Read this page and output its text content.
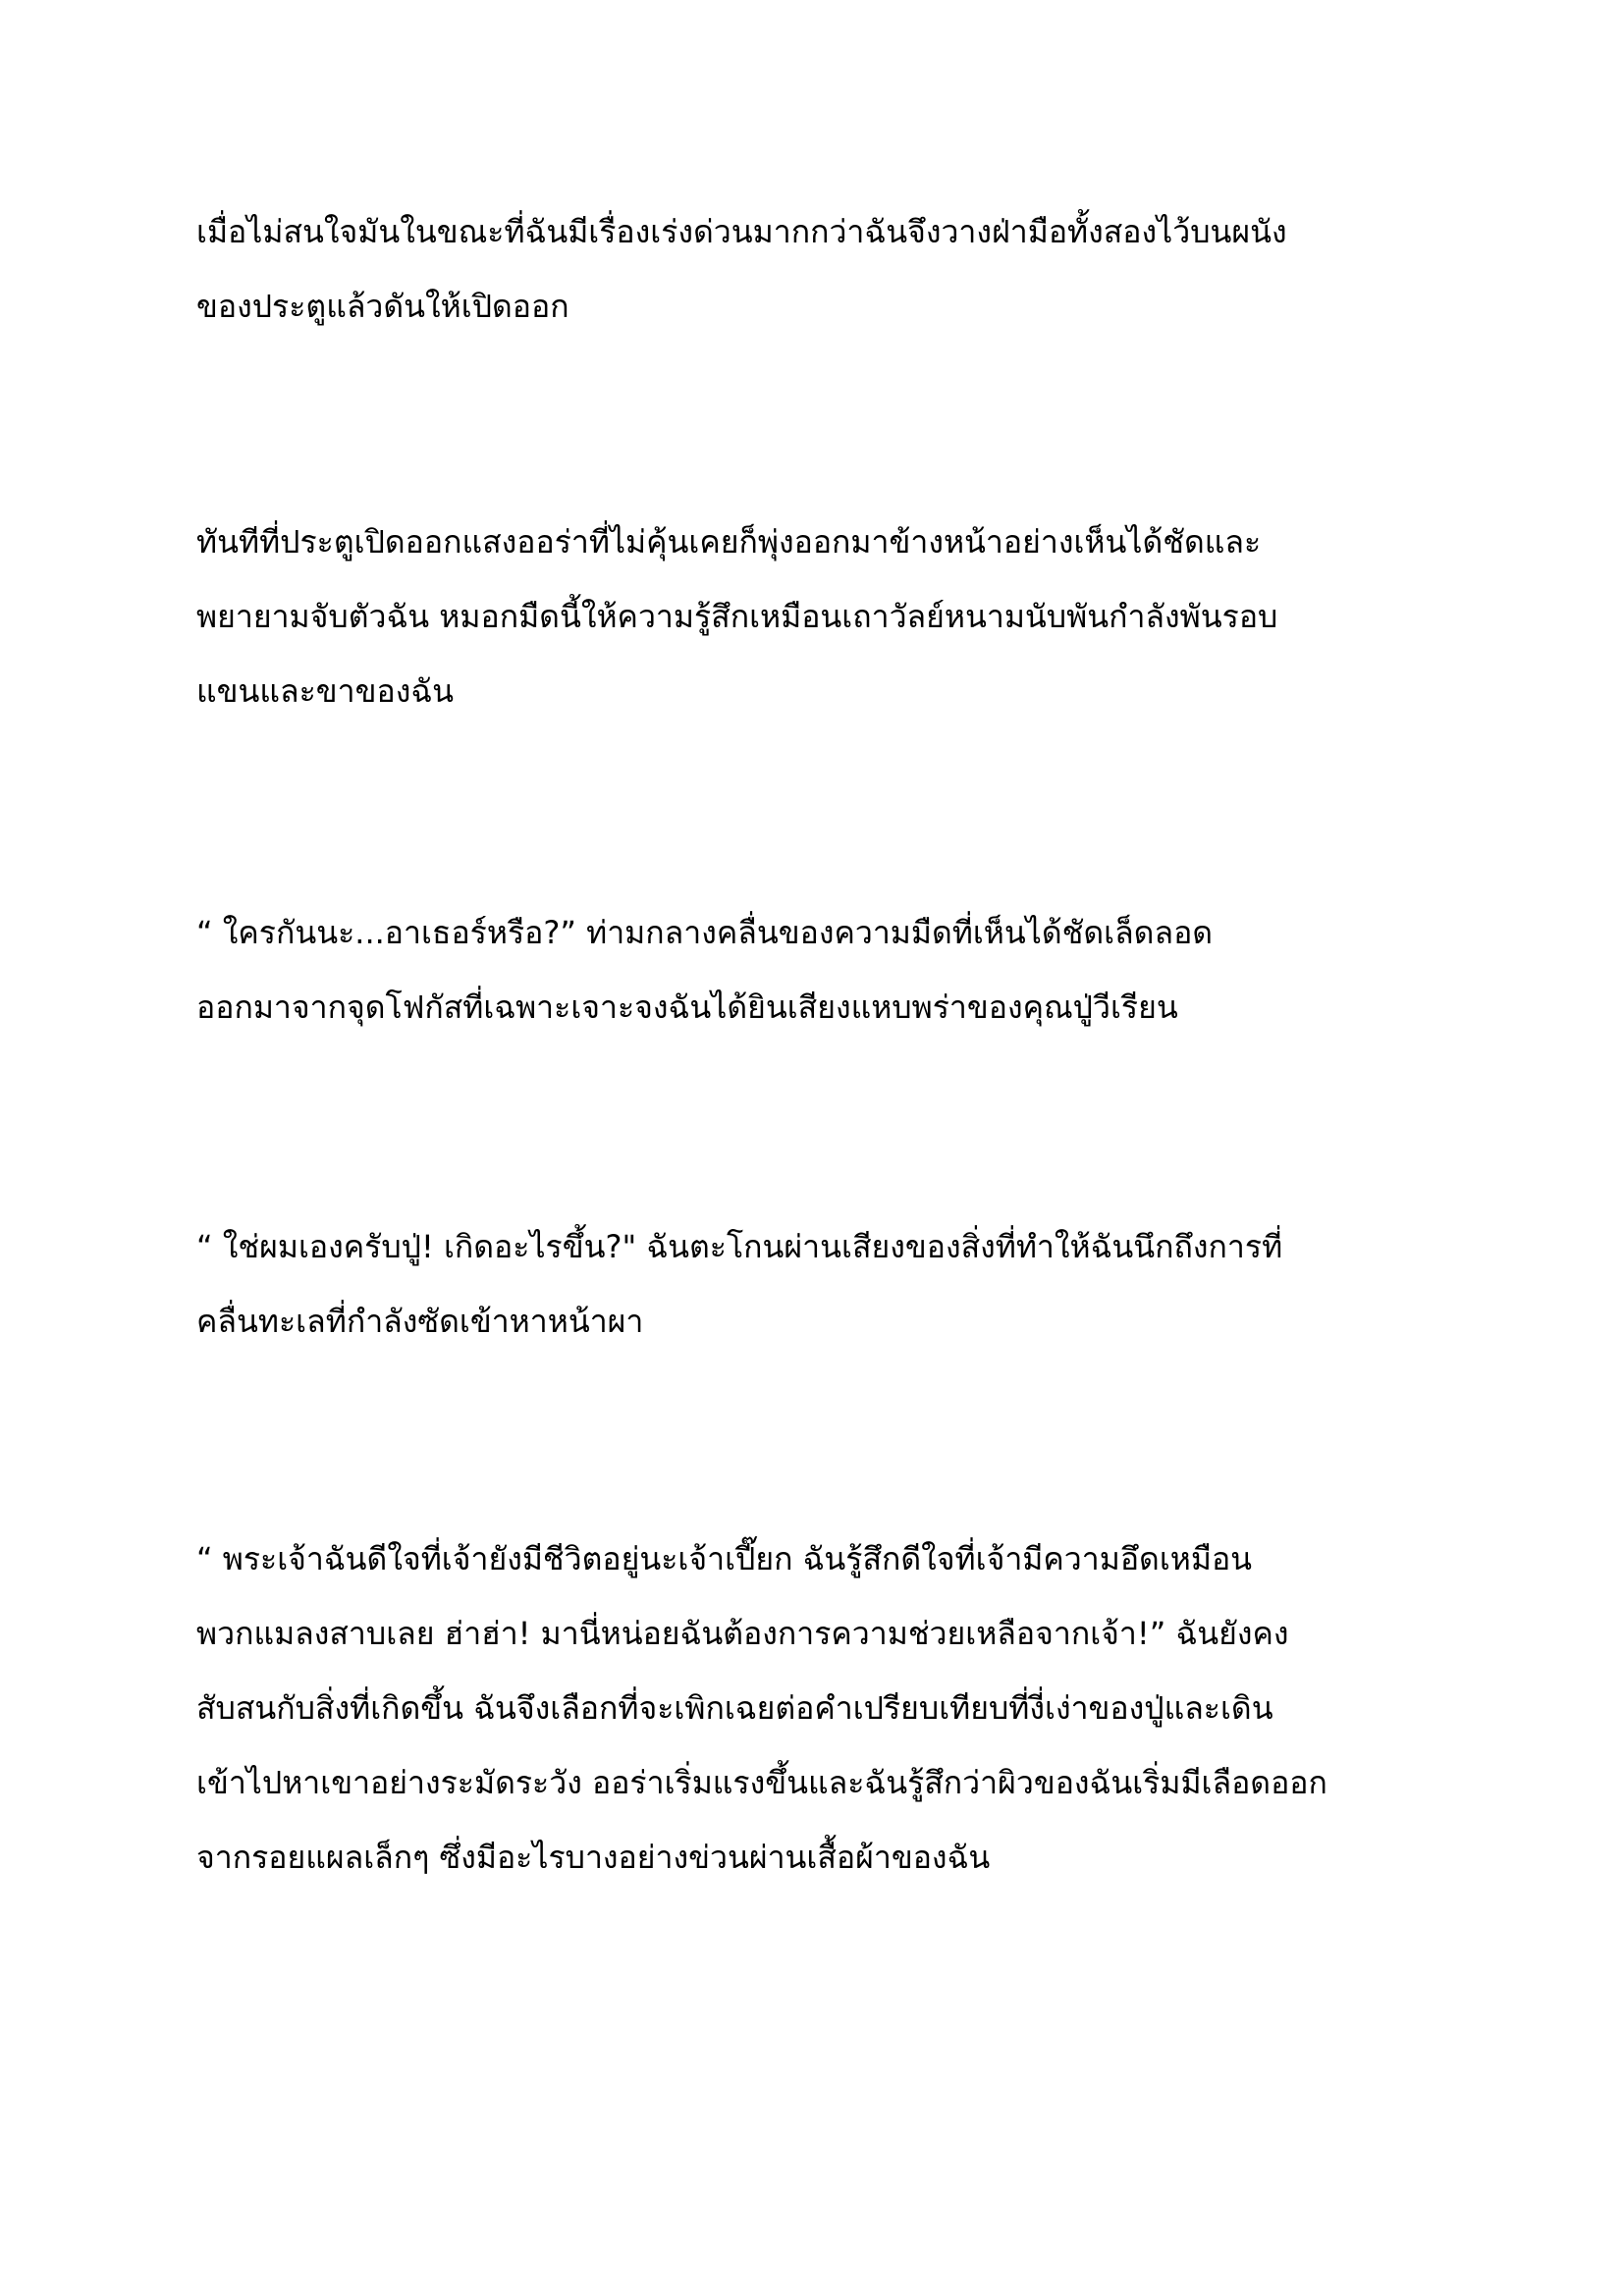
เมื่อไม่สนใจมันในขณะที่ฉันมีเรื่องเร่งด่วนมากกว่าฉันจึงวางฝ่ามือทั้งสองไว้บนผนัง
ของประตูแล้วดันให้เปิดออก

ทันทีที่ประตูเปิดออกแสงออร่าที่ไม่คุ้นเคยก็พุ่งออกมาข้างหน้าอย่างเห็นได้ชัดและ
พยายามจับตัวฉัน หมอกมืดนี้ให้ความรู้สึกเหมือนเถาวัลย์หนามนับพันกำลังพันรอบ
แขนและขาของฉัน

“ ใครกันนะ...อาเธอร์หรือ?” ท่ามกลางคลื่นของความมืดที่เห็นได้ชัดเล็ดลอด
ออกมาจากจุดโฟกัสที่เฉพาะเจาะจงฉันได้ยินเสียงแหบพร่าของคุณปู่วีเรียน

“ ใช่ผมเองครับปู่! เกิดอะไรขึ้น?" ฉันตะโกนผ่านเสียงของสิ่งที่ทำให้ฉันนึกถึงการที่
คลื่นทะเลที่กำลังซัดเข้าหาหน้าผา

“ พระเจ้าฉันดีใจที่เจ้ายังมีชีวิตอยู่นะเจ้าเปี๊ยก ฉันรู้สึกดีใจที่เจ้ามีความอึดเหมือน
พวกแมลงสาบเลย ฮ่าฮ่า! มานี่หน่อยฉันต้องการความช่วยเหลือจากเจ้า!” ฉันยังคง
สับสนกับสิ่งที่เกิดขึ้น ฉันจึงเลือกที่จะเพิกเฉยต่อคำเปรียบเทียบที่งี่เง่าของปู่และเดิน
เข้าไปหาเขาอย่างระมัดระวัง ออร่าเริ่มแรงขึ้นและฉันรู้สึกว่าผิวของฉันเริ่มมีเลือดออก
จากรอยแผลเล็กๆ ซึ่งมีอะไรบางอย่างข่วนผ่านเสื้อผ้าของฉัน
